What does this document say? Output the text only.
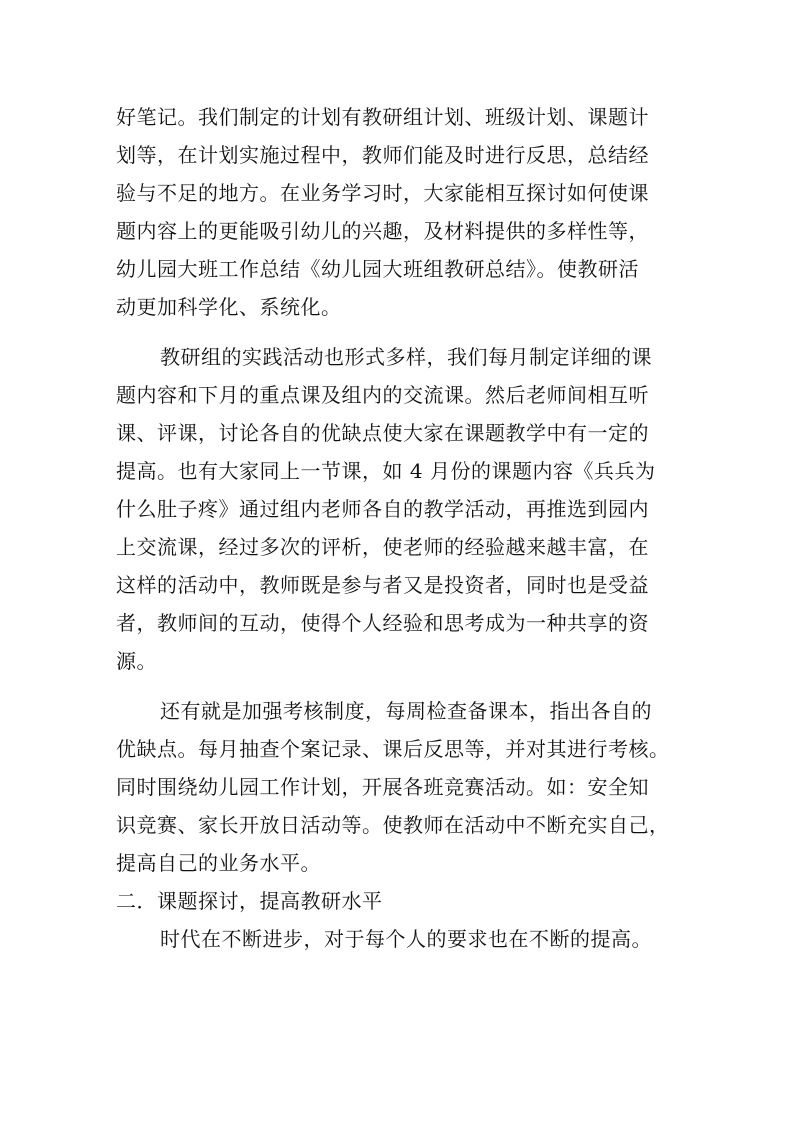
好笔记。我们制定的计划有教研组计划、班级计划、课题计
划等，在计划实施过程中，教师们能及时进行反思，总结经
验与不足的地方。在业务学习时，大家能相互探讨如何使课
题内容上的更能吸引幼儿的兴趣，及材料提供的多样性等，
幼儿园大班工作总结《幼儿园大班组教研总结》。使教研活
动更加科学化、系统化。
教研组的实践活动也形式多样，我们每月制定详细的课
题内容和下月的重点课及组内的交流课。然后老师间相互听
课、评课，讨论各自的优缺点使大家在课题教学中有一定的
提高。也有大家同上一节课，如 4 月份的课题内容《兵兵为
什么肚子疼》通过组内老师各自的教学活动，再推选到园内
上交流课，经过多次的评析，使老师的经验越来越丰富，在
这样的活动中，教师既是参与者又是投资者，同时也是受益
者，教师间的互动，使得个人经验和思考成为一种共享的资
源。
还有就是加强考核制度，每周检查备课本，指出各自的
优缺点。每月抽查个案记录、课后反思等，并对其进行考核。
同时围绕幼儿园工作计划，开展各班竞赛活动。如：安全知
识竞赛、家长开放日活动等。使教师在活动中不断充实自己，
提高自己的业务水平。
二．课题探讨，提高教研水平
时代在不断进步，对于每个人的要求也在不断的提高。
